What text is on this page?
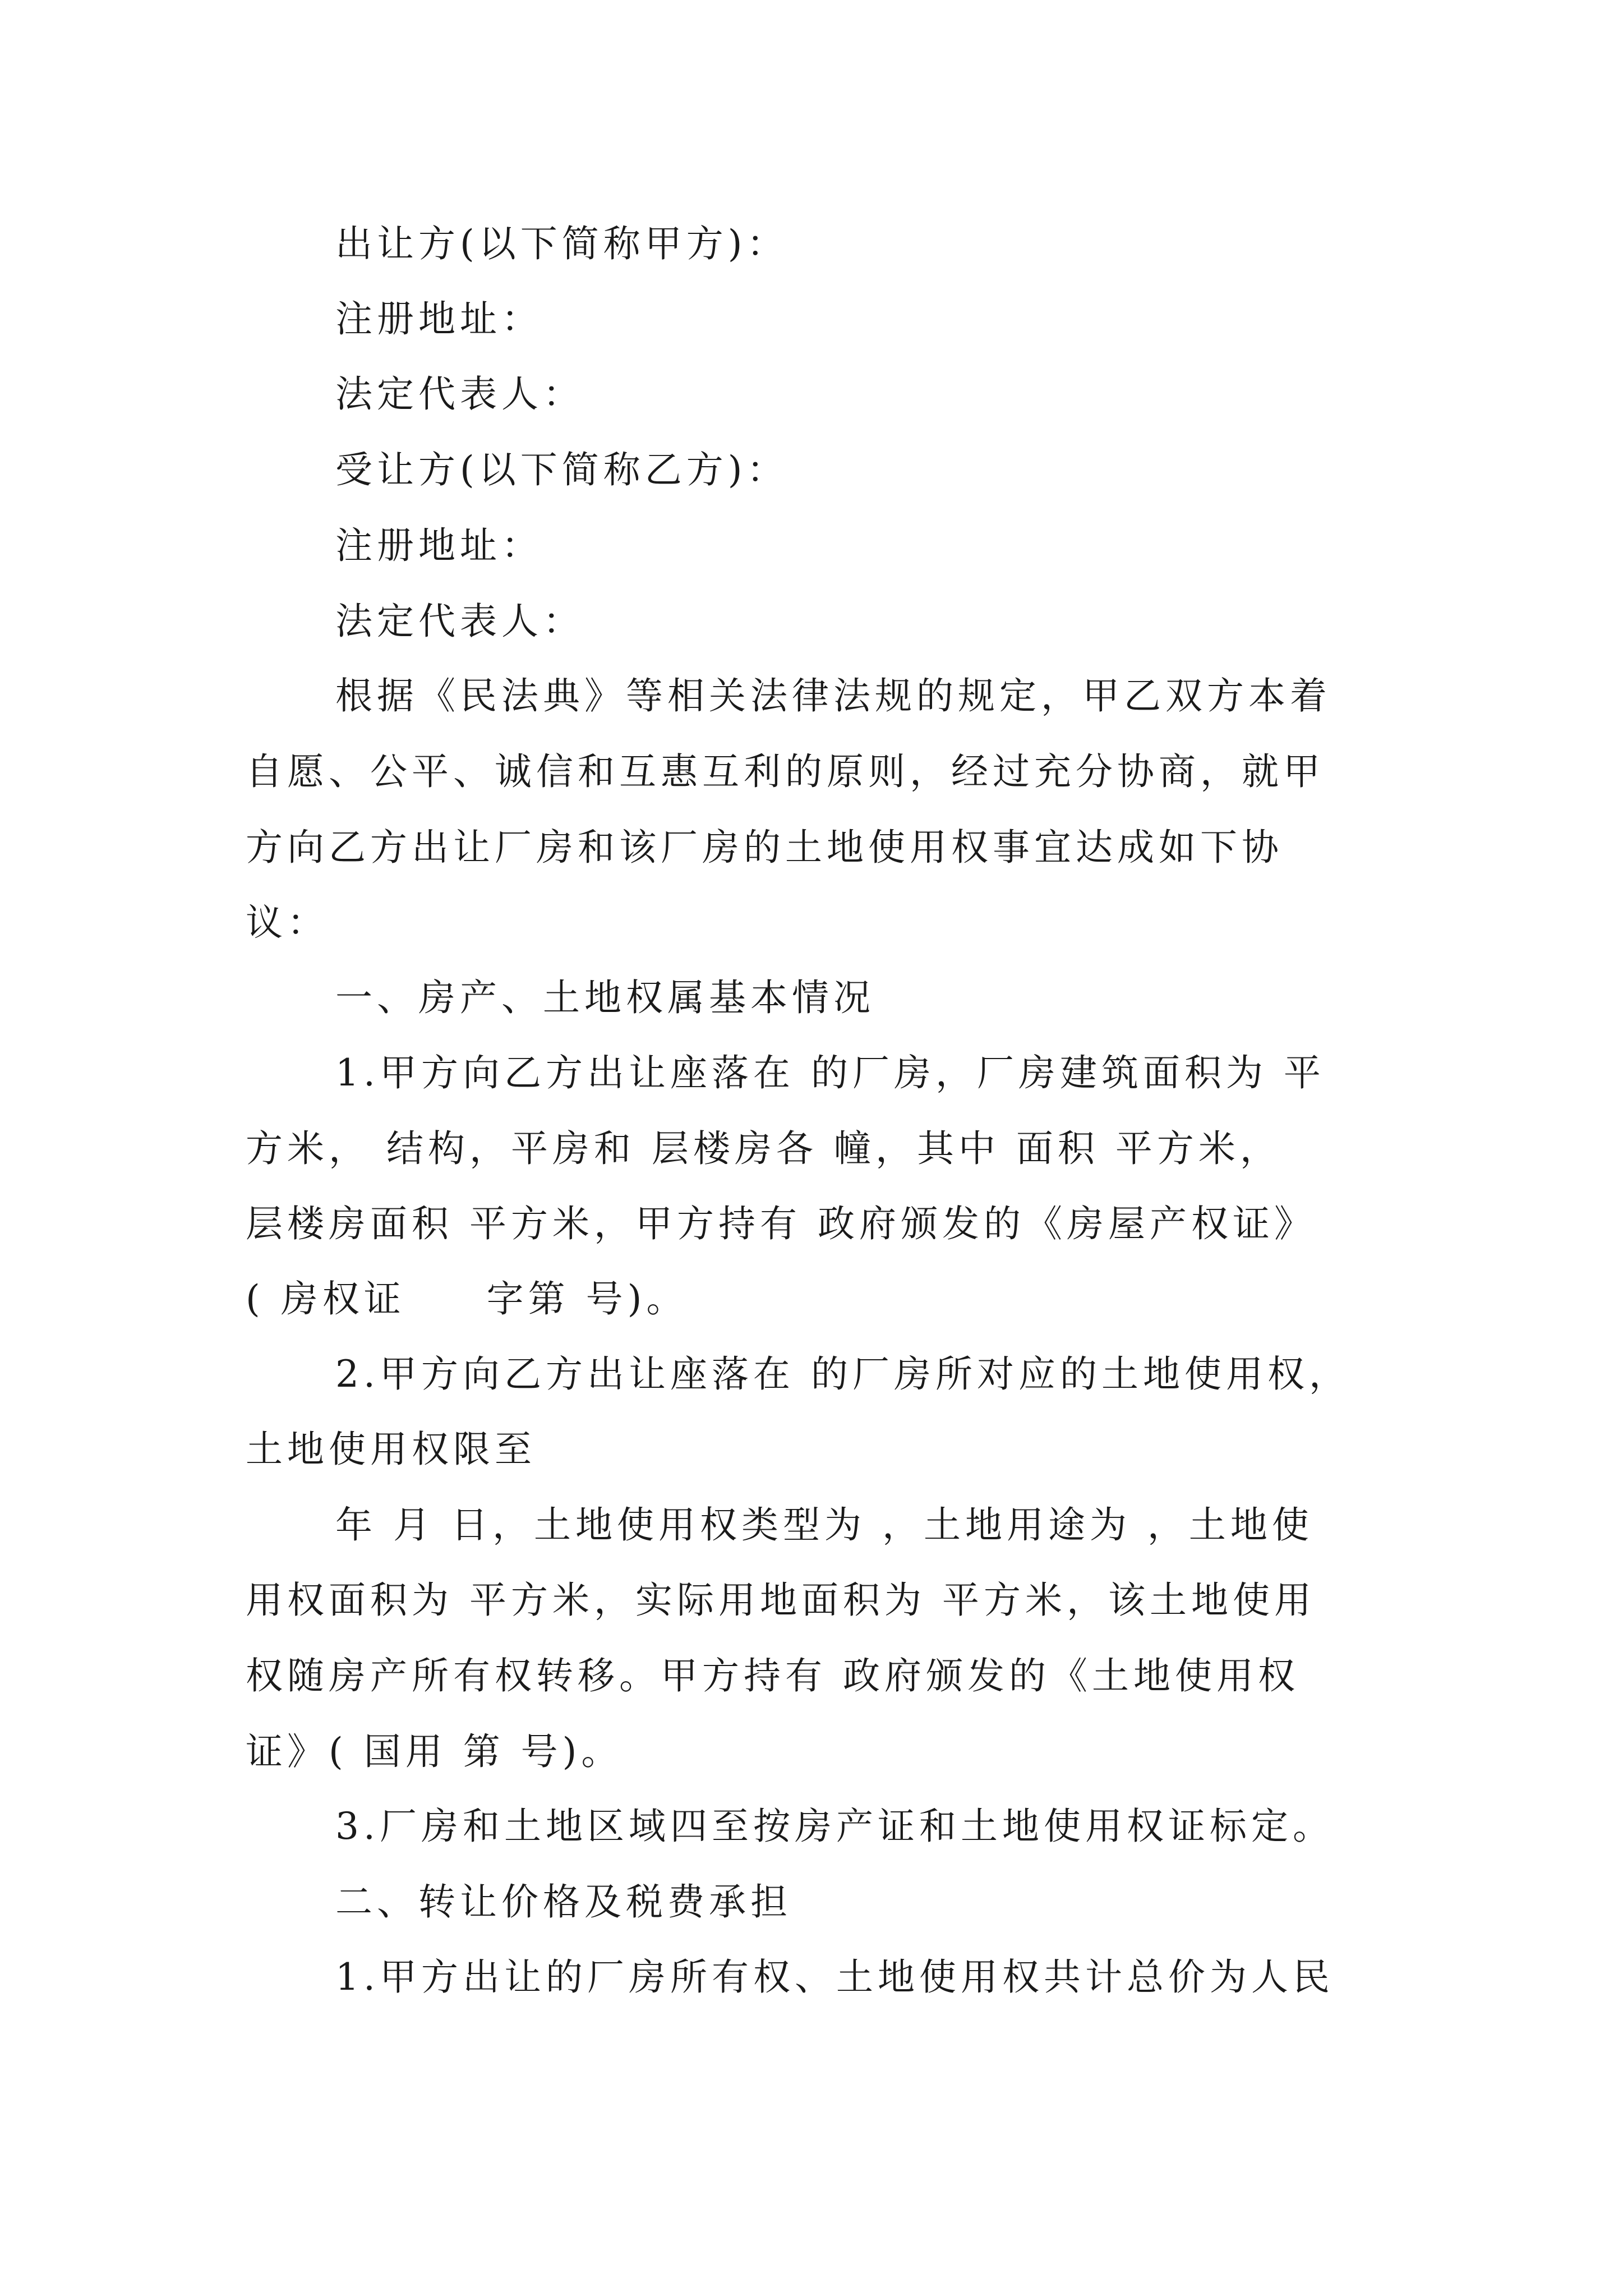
出让方(以下简称甲方)：
注册地址：
法定代表人：
受让方(以下简称乙方)：
注册地址：
法定代表人：
根据《民法典》等相关法律法规的规定，甲乙双方本着
自愿、公平、诚信和互惠互利的原则，经过充分协商，就甲
方向乙方出让厂房和该厂房的土地使用权事宜达成如下协
议：
一、房产、土地权属基本情况
1.甲方向乙方出让座落在 的厂房，厂房建筑面积为 平
方米， 结构，平房和 层楼房各 幢，其中 面积 平方米，
层楼房面积 平方米，甲方持有 政府颁发的《房屋产权证》
( 房权证     字第 号)。
2.甲方向乙方出让座落在 的厂房所对应的土地使用权，
土地使用权限至
年 月 日，土地使用权类型为 ，土地用途为 ，土地使
用权面积为 平方米，实际用地面积为 平方米，该土地使用
权随房产所有权转移。甲方持有 政府颁发的《土地使用权
证》( 国用 第 号)。
3.厂房和土地区域四至按房产证和土地使用权证标定。
二、转让价格及税费承担
1.甲方出让的厂房所有权、土地使用权共计总价为人民
